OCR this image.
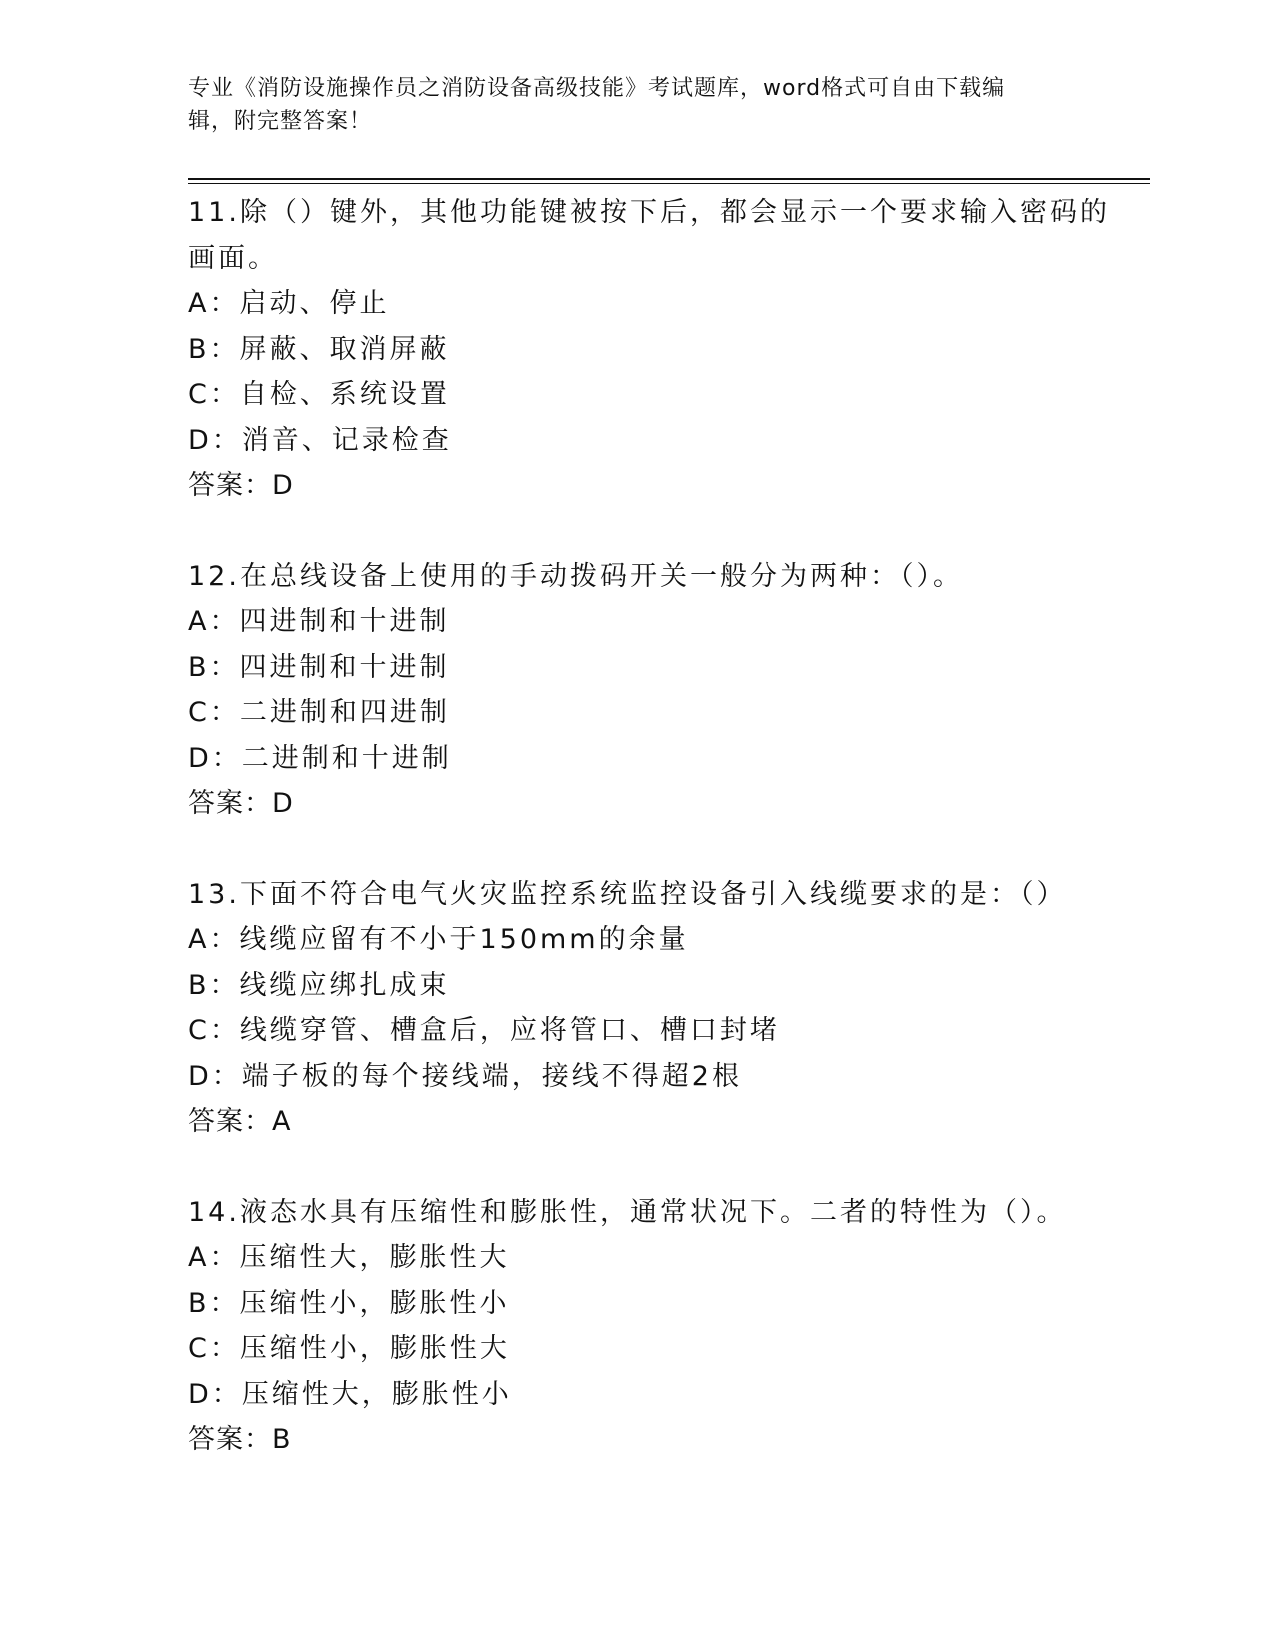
专业《消防设施操作员之消防设备高级技能》考试题库，word格式可自由下载编
辑，附完整答案！
11.除（）键外，其他功能键被按下后，都会显示一个要求输入密码的
画面。
A：启动、停止
B：屏蔽、取消屏蔽
C：自检、系统设置
D：消音、记录检查
答案：D
12.在总线设备上使用的手动拨码开关一般分为两种：（）。
A：四进制和十进制
B：四进制和十进制
C：二进制和四进制
D：二进制和十进制
答案：D
13.下面不符合电气火灾监控系统监控设备引入线缆要求的是：（）
A：线缆应留有不小于150mm的余量
B：线缆应绑扎成束
C：线缆穿管、槽盒后，应将管口、槽口封堵
D：端子板的每个接线端，接线不得超2根
答案：A
14.液态水具有压缩性和膨胀性，通常状况下。二者的特性为（）。
A：压缩性大，膨胀性大
B：压缩性小，膨胀性小
C：压缩性小，膨胀性大
D：压缩性大，膨胀性小
答案：B
